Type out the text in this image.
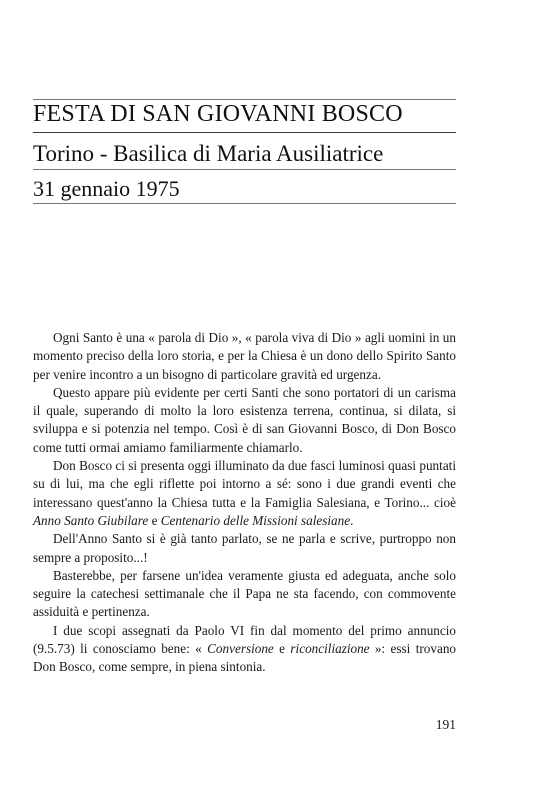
FESTA DI SAN GIOVANNI BOSCO
Torino - Basilica di Maria Ausiliatrice
31 gennaio 1975

Ogni Santo è una « parola di Dio », « parola viva di Dio » agli uomini in un momento preciso della loro storia, e per la Chiesa è un dono dello Spirito Santo per venire incontro a un bisogno di particolare gravità ed urgenza.

Questo appare più evidente per certi Santi che sono portatori di un carisma il quale, superando di molto la loro esistenza terrena, continua, si dilata, si sviluppa e si potenzia nel tempo. Così è di san Giovanni Bosco, di Don Bosco come tutti ormai amiamo familiarmente chiamarlo.

Don Bosco ci si presenta oggi illuminato da due fasci luminosi quasi puntati su di lui, ma che egli riflette poi intorno a sé: sono i due grandi eventi che interessano quest'anno la Chiesa tutta e la Famiglia Salesiana, e Torino... cioè Anno Santo Giubilare e Centenario delle Missioni salesiane.

Dell'Anno Santo si è già tanto parlato, se ne parla e scrive, purtroppo non sempre a proposito...!

Basterebbe, per farsene un'idea veramente giusta ed adeguata, anche solo seguire la catechesi settimanale che il Papa ne sta facendo, con commovente assiduità e pertinenza.

I due scopi assegnati da Paolo VI fin dal momento del primo annuncio (9.5.73) li conosciamo bene: « Conversione e riconciliazione »: essi trovano Don Bosco, come sempre, in piena sintonia.

191
